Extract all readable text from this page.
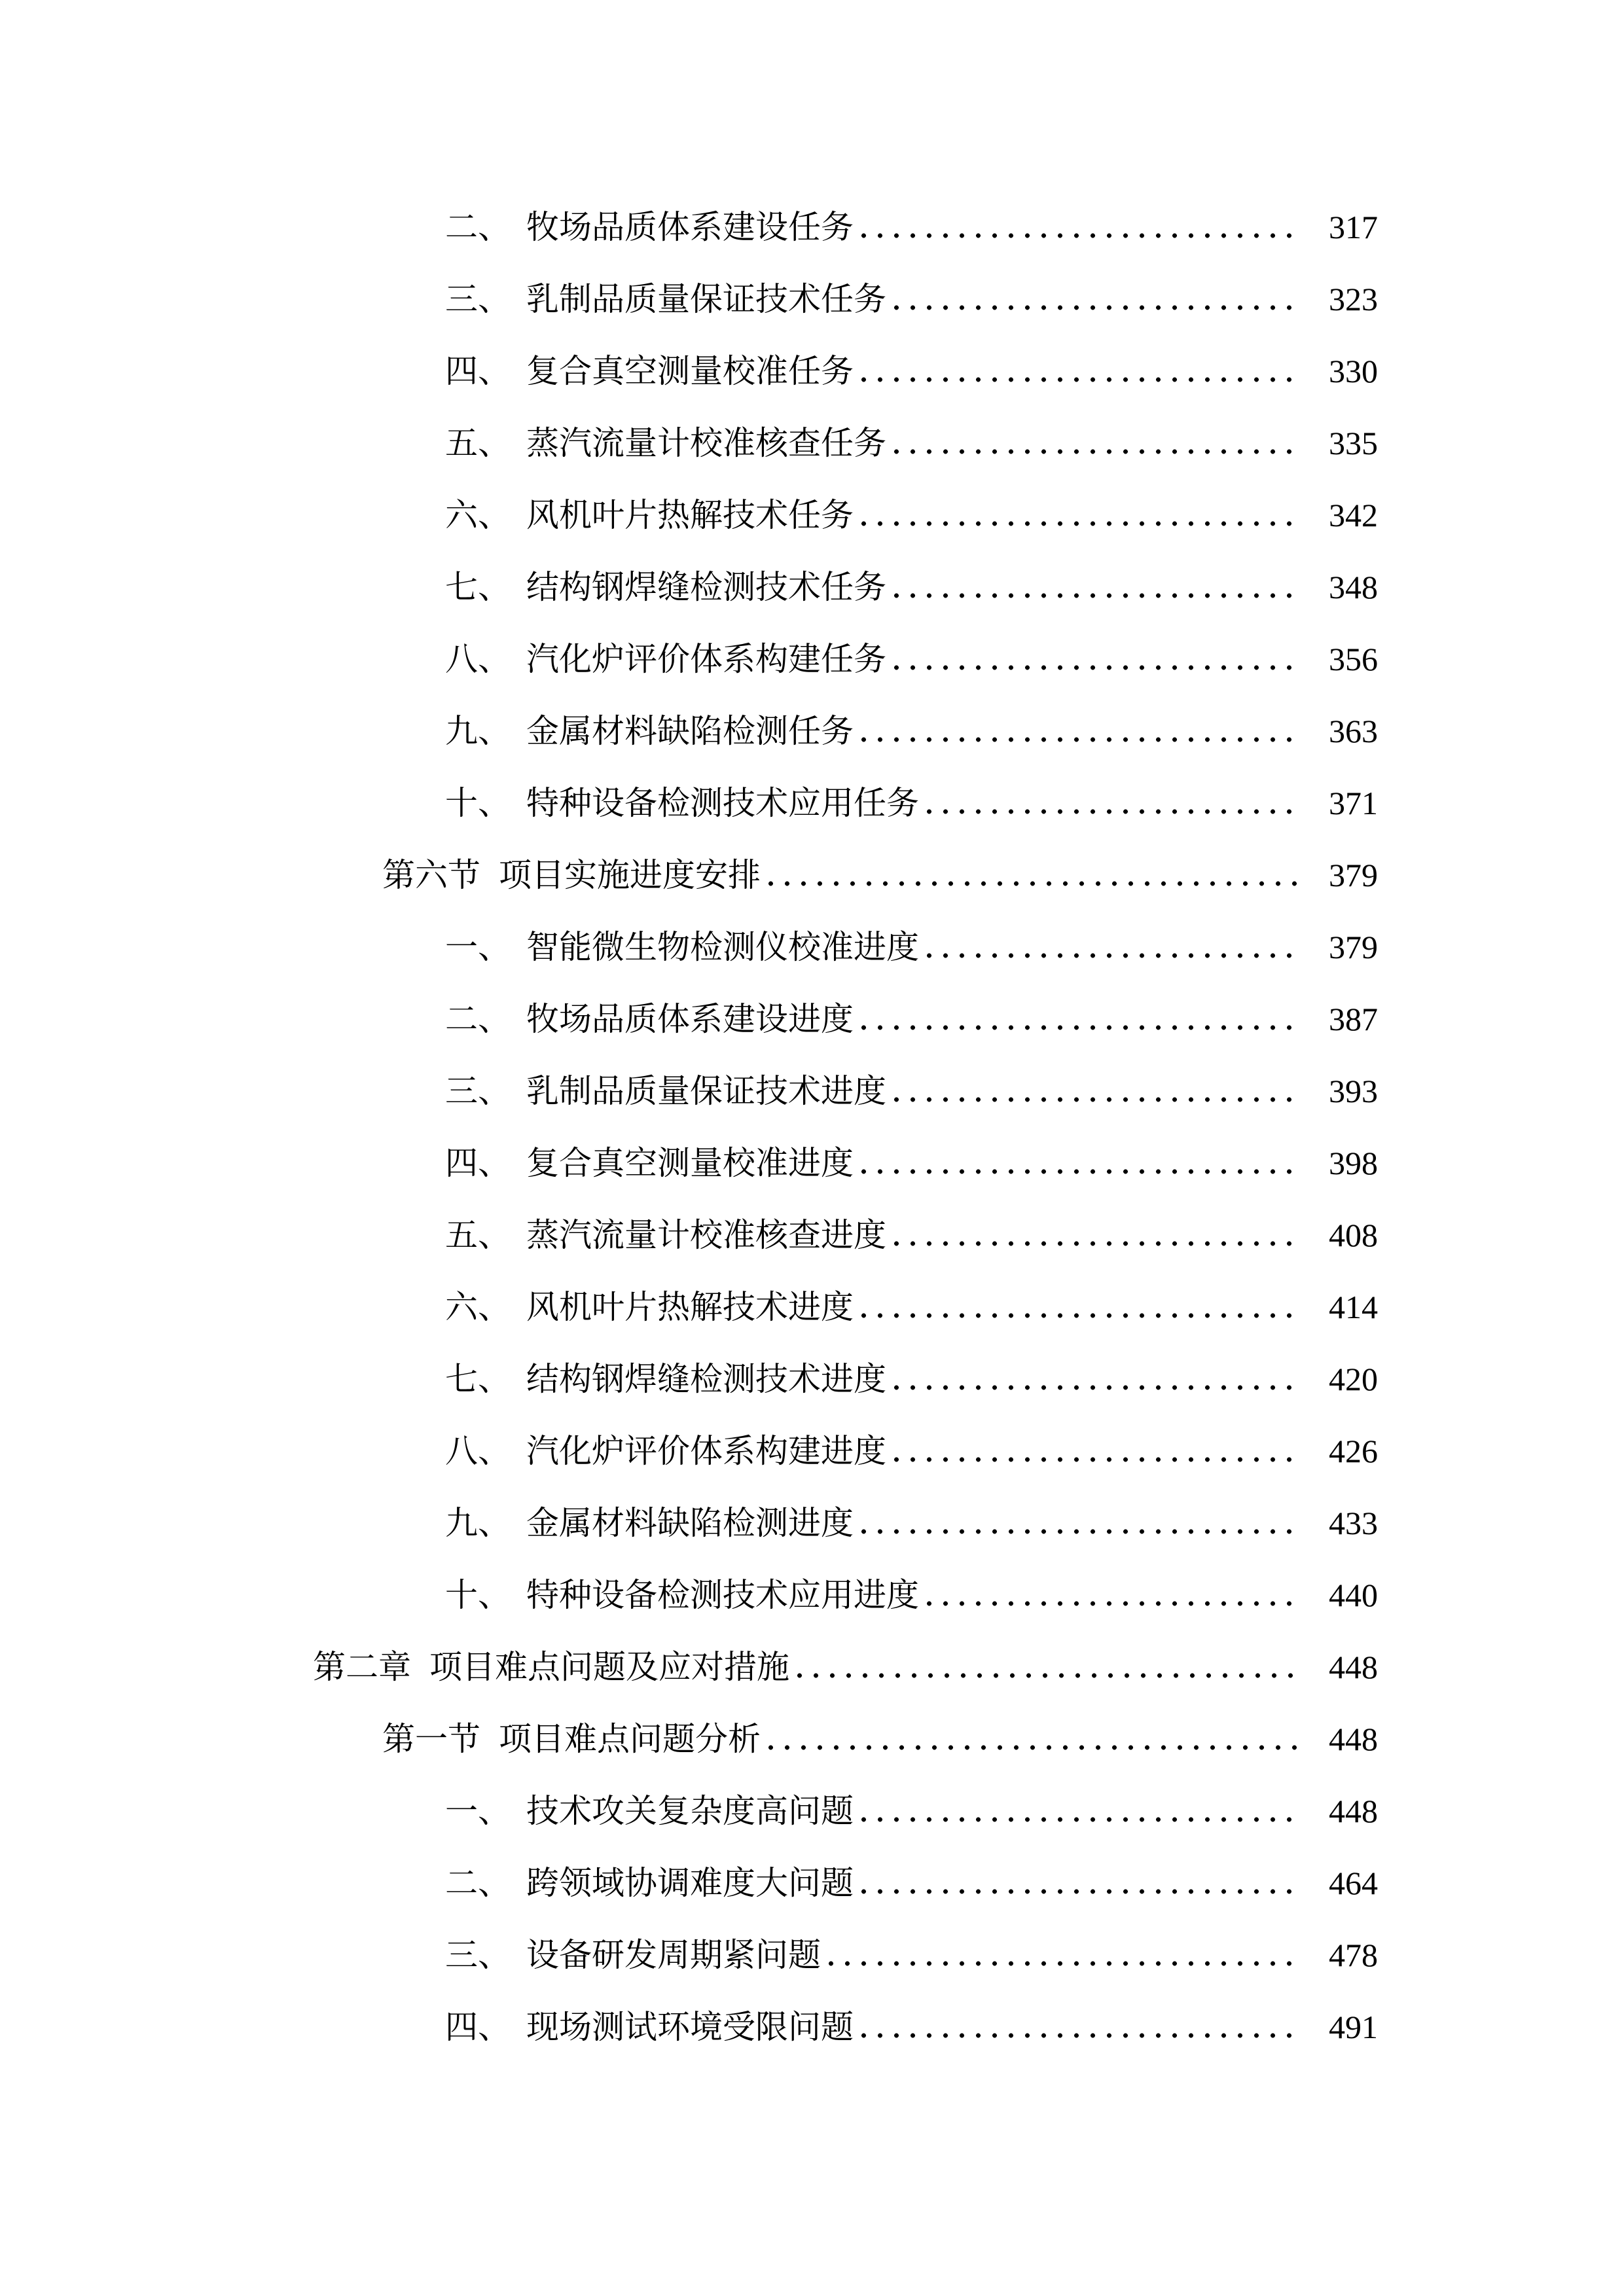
二、 牧场品质体系建设任务	317
三、 乳制品质量保证技术任务	323
四、 复合真空测量校准任务	330
五、 蒸汽流量计校准核查任务	335
六、 风机叶片热解技术任务	342
七、 结构钢焊缝检测技术任务	348
八、 汽化炉评价体系构建任务	356
九、 金属材料缺陷检测任务	363
十、 特种设备检测技术应用任务	371
第六节 项目实施进度安排	379
一、 智能微生物检测仪校准进度	379
二、 牧场品质体系建设进度	387
三、 乳制品质量保证技术进度	393
四、 复合真空测量校准进度	398
五、 蒸汽流量计校准核查进度	408
六、 风机叶片热解技术进度	414
七、 结构钢焊缝检测技术进度	420
八、 汽化炉评价体系构建进度	426
九、 金属材料缺陷检测进度	433
十、 特种设备检测技术应用进度	440
第二章 项目难点问题及应对措施	448
第一节 项目难点问题分析	448
一、 技术攻关复杂度高问题	448
二、 跨领域协调难度大问题	464
三、 设备研发周期紧问题	478
四、 现场测试环境受限问题	491
